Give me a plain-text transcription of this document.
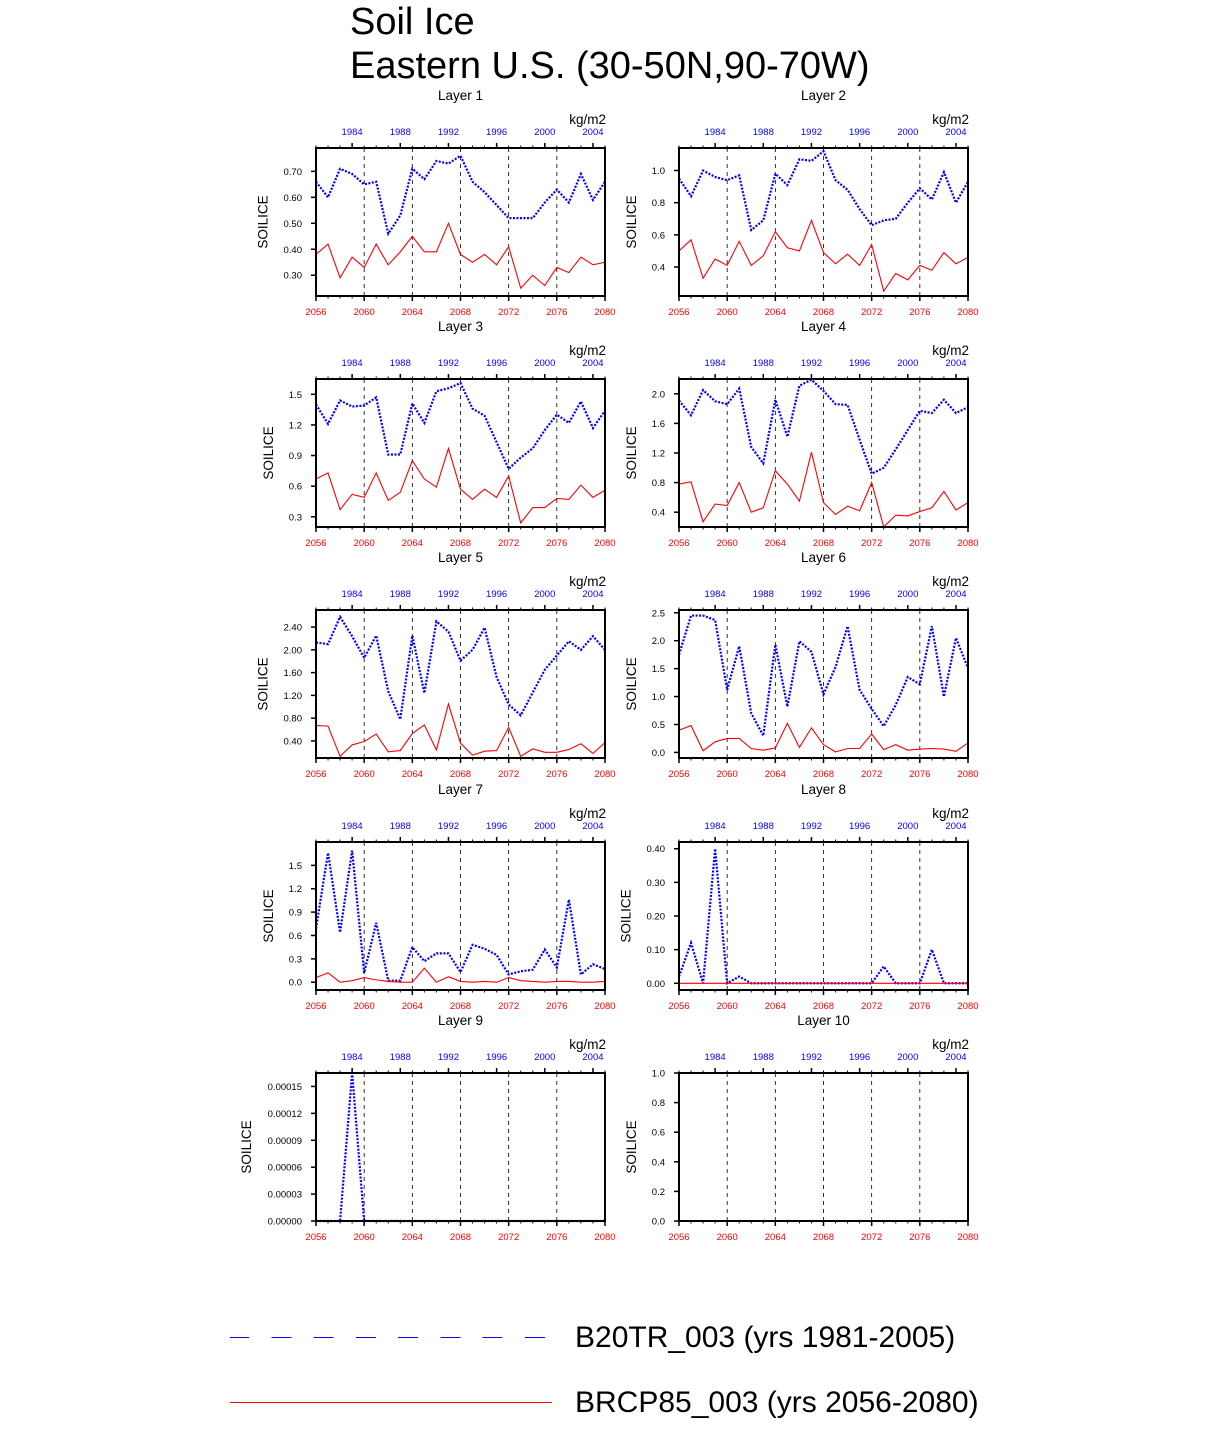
Soil Ice
Eastern U.S. (30-50N,90-70W)
Layer 1
kg/m2
2056	2060	2064	2068	2072	2076	2080
1984	1988	1992	1996	2000	2004
0.30
0.40
0.50
0.60
0.70
SOILICE
Layer 2
kg/m2
2056	2060	2064	2068	2072	2076	2080
1984	1988	1992	1996	2000	2004
0.4
0.6
0.8
1.0
SOILICE
Layer 3
kg/m2
2056	2060	2064	2068	2072	2076	2080
1984	1988	1992	1996	2000	2004
0.3
0.6
0.9
1.2
1.5
SOILICE
Layer 4
kg/m2
2056	2060	2064	2068	2072	2076	2080
1984	1988	1992	1996	2000	2004
0.4
0.8
1.2
1.6
2.0
SOILICE
Layer 5
kg/m2
2056	2060	2064	2068	2072	2076	2080
1984	1988	1992	1996	2000	2004
0.40
0.80
1.20
1.60
2.00
2.40
SOILICE
Layer 6
kg/m2
2056	2060	2064	2068	2072	2076	2080
1984	1988	1992	1996	2000	2004
0.0
0.5
1.0
1.5
2.0
2.5
SOILICE
Layer 7
kg/m2
2056	2060	2064	2068	2072	2076	2080
1984	1988	1992	1996	2000	2004
0.0
0.3
0.6
0.9
1.2
1.5
SOILICE
Layer 8
kg/m2
2056	2060	2064	2068	2072	2076	2080
1984	1988	1992	1996	2000	2004
0.00
0.10
0.20
0.30
0.40
SOILICE
Layer 9
kg/m2
2056	2060	2064	2068	2072	2076	2080
1984	1988	1992	1996	2000	2004
0.00000
0.00003
0.00006
0.00009
0.00012
0.00015
SOILICE
Layer 10
kg/m2
2056	2060	2064	2068	2072	2076	2080
1984	1988	1992	1996	2000	2004
0.0
0.2
0.4
0.6
0.8
1.0
SOILICE
B20TR_003 (yrs 1981-2005)
BRCP85_003 (yrs 2056-2080)
